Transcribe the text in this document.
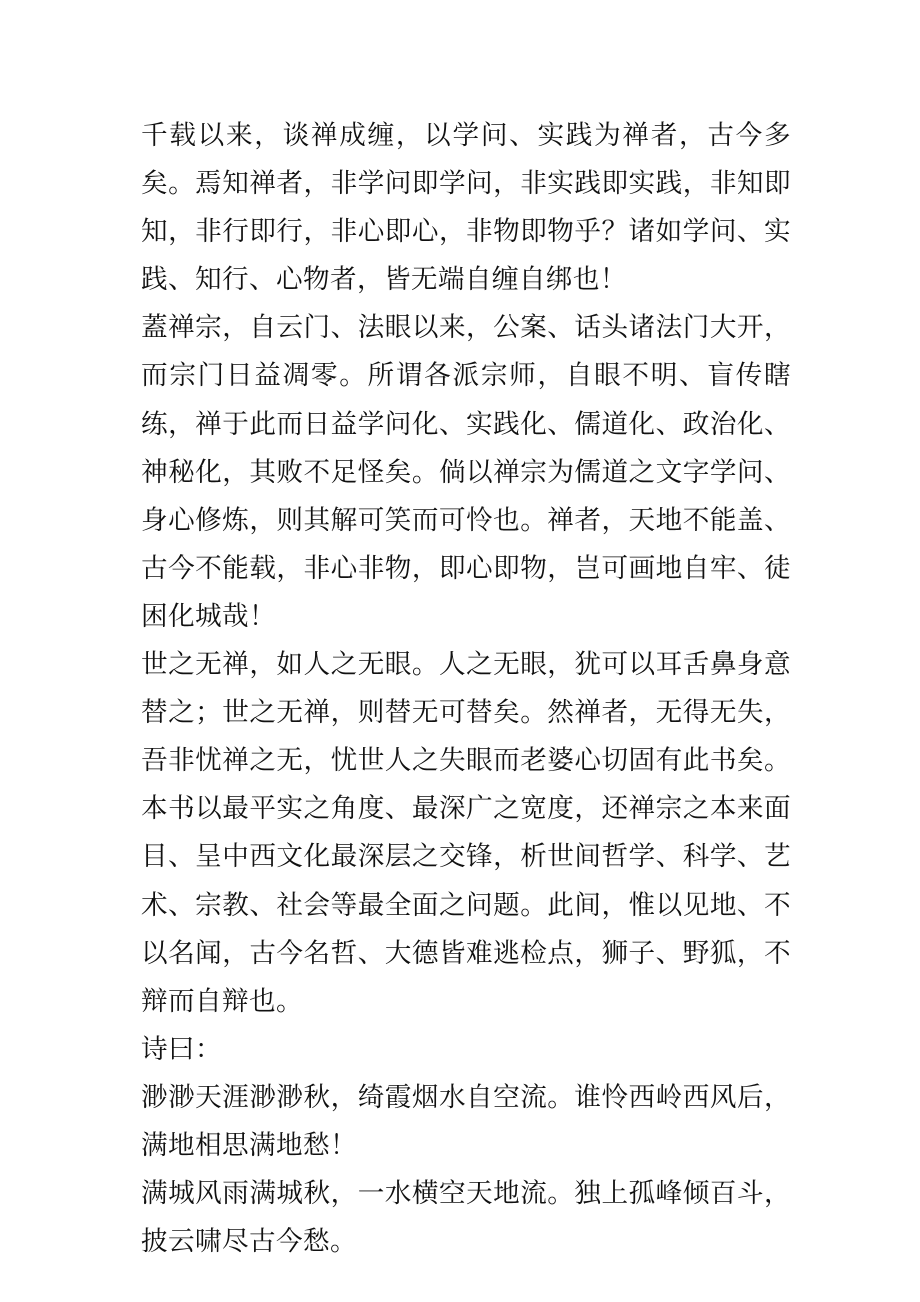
千载以来，谈禅成缠，以学问、实践为禅者，古今多矣。焉知禅者，非学问即学问，非实践即实践，非知即知，非行即行，非心即心，非物即物乎？诸如学问、实践、知行、心物者，皆无端自缠自绑也！

蓋禅宗，自云门、法眼以来，公案、话头诸法门大开，而宗门日益凋零。所谓各派宗师，自眼不明、盲传瞎练，禅于此而日益学问化、实践化、儒道化、政治化、神秘化，其败不足怪矣。倘以禅宗为儒道之文字学问、身心修炼，则其解可笑而可怜也。禅者，天地不能盖、古今不能载，非心非物，即心即物，岂可画地自牢、徒困化城哉！

世之无禅，如人之无眼。人之无眼，犹可以耳舌鼻身意替之；世之无禅，则替无可替矣。然禅者，无得无失，吾非忧禅之无，忧世人之失眼而老婆心切固有此书矣。本书以最平实之角度、最深广之宽度，还禅宗之本来面目、呈中西文化最深层之交锋，析世间哲学、科学、艺术、宗教、社会等最全面之问题。此间，惟以见地、不以名闻，古今名哲、大德皆难逃检点，狮子、野狐，不辩而自辩也。

诗曰：

渺渺天涯渺渺秋，绮霞烟水自空流。谁怜西岭西风后，满地相思满地愁！

满城风雨满城秋，一水横空天地流。独上孤峰倾百斗，披云啸尽古今愁。
